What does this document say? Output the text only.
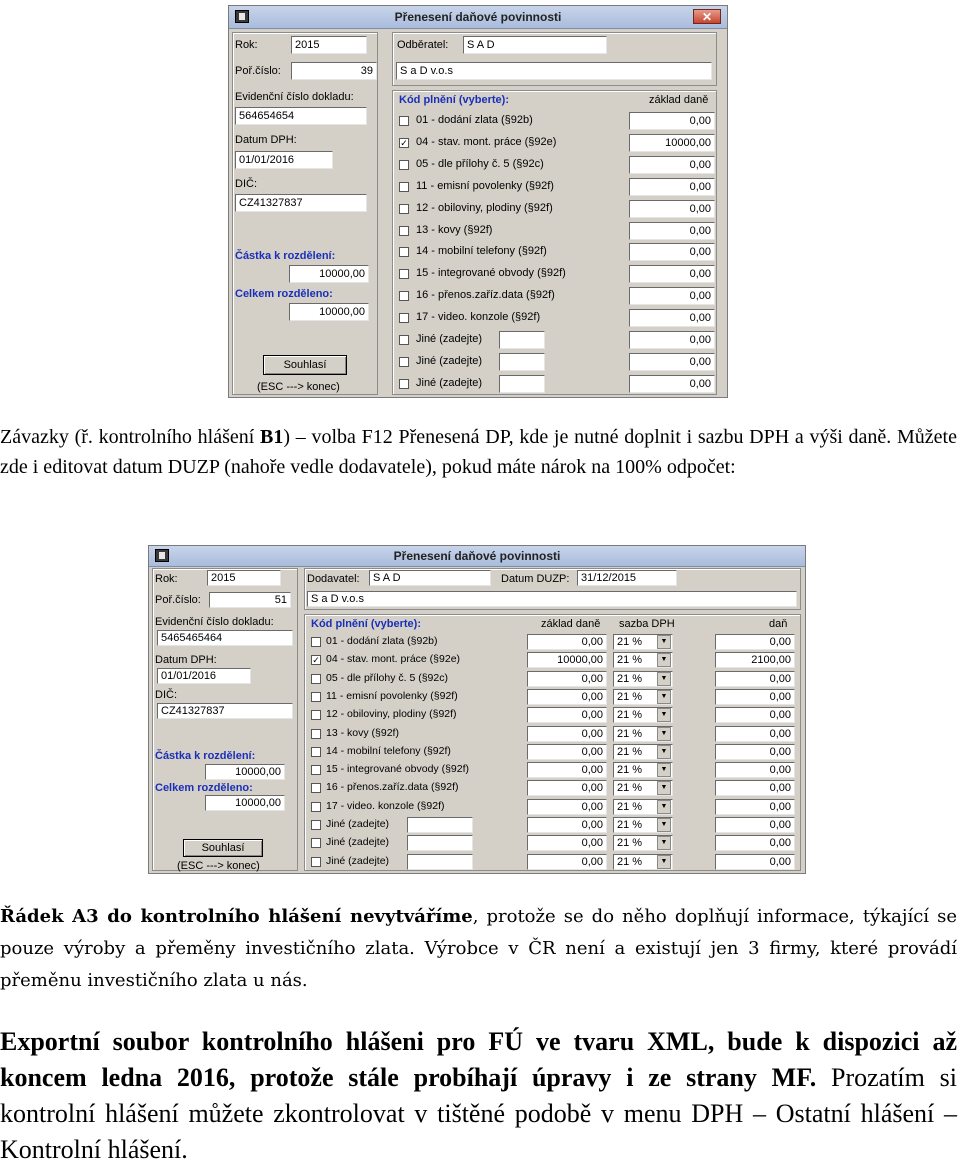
Přenesení daňové povinnosti	✕
Rok:	2015
Poř.číslo:	39
Evidenční číslo dokladu:
564654654
Datum DPH:
01/01/2016
DIČ:
CZ41327837
Částka k rozdělení:
10000,00
Celkem rozděleno:
10000,00
Souhlasí
(ESC ---> konec)
Odběratel:	S A D
S a D v.o.s
Kód plnění (vyberte):	základ daně
01 - dodání zlata (§92b)	0,00
✓ 04 - stav. mont. práce (§92e)	10000,00
05 - dle přílohy č. 5 (§92c)	0,00
11 - emisní povolenky (§92f)	0,00
12 - obiloviny, plodiny (§92f)	0,00
13 - kovy (§92f)	0,00
14 - mobilní telefony (§92f)	0,00
15 - integrované obvody (§92f)	0,00
16 - přenos.zaříz.data (§92f)	0,00
17 - video. konzole (§92f)	0,00
Jiné (zadejte)	0,00
Jiné (zadejte)	0,00
Jiné (zadejte)	0,00

Závazky (ř. kontrolního hlášení B1) – volba F12 Přenesená DP, kde je nutné doplnit i sazbu DPH a výši daně. Můžete zde i editovat datum DUZP (nahoře vedle dodavatele), pokud máte nárok na 100% odpočet:

Přenesení daňové povinnosti
Rok:	2015
Poř.číslo:	51
Evidenční číslo dokladu:
5465465464
Datum DPH:
01/01/2016
DIČ:
CZ41327837
Částka k rozdělení:
10000,00
Celkem rozděleno:
10000,00
Souhlasí
(ESC ---> konec)
Dodavatel:	S A D	Datum DUZP:	31/12/2015
S a D v.o.s
Kód plnění (vyberte):	základ daně sazba DPH	daň
01 - dodání zlata (§92b)	0,00	21 %	▼	0,00
✓ 04 - stav. mont. práce (§92e)	10000,00	21 %	▼	2100,00
05 - dle přílohy č. 5 (§92c)	0,00	21 %	▼	0,00
11 - emisní povolenky (§92f)	0,00	21 %	▼	0,00
12 - obiloviny, plodiny (§92f)	0,00	21 %	▼	0,00
13 - kovy (§92f)	0,00	21 %	▼	0,00
14 - mobilní telefony (§92f)	0,00	21 %	▼	0,00
15 - integrované obvody (§92f)	0,00	21 %	▼	0,00
16 - přenos.zaříz.data (§92f)	0,00	21 %	▼	0,00
17 - video. konzole (§92f)	0,00	21 %	▼	0,00
Jiné (zadejte)	0,00	21 %	▼	0,00
Jiné (zadejte)	0,00	21 %	▼	0,00
Jiné (zadejte)	0,00	21 %	▼	0,00

Řádek A3 do kontrolního hlášení nevytváříme, protože se do něho doplňují informace, týkající se pouze výroby a přeměny investičního zlata. Výrobce v ČR není a existují jen 3 firmy, které provádí přeměnu investičního zlata u nás.

Exportní soubor kontrolního hlášeni pro FÚ ve tvaru XML, bude k dispozici až koncem ledna 2016, protože stále probíhají úpravy i ze strany MF. Prozatím si kontrolní hlášení můžete zkontrolovat v tištěné podobě v menu DPH – Ostatní hlášení – Kontrolní hlášení.
